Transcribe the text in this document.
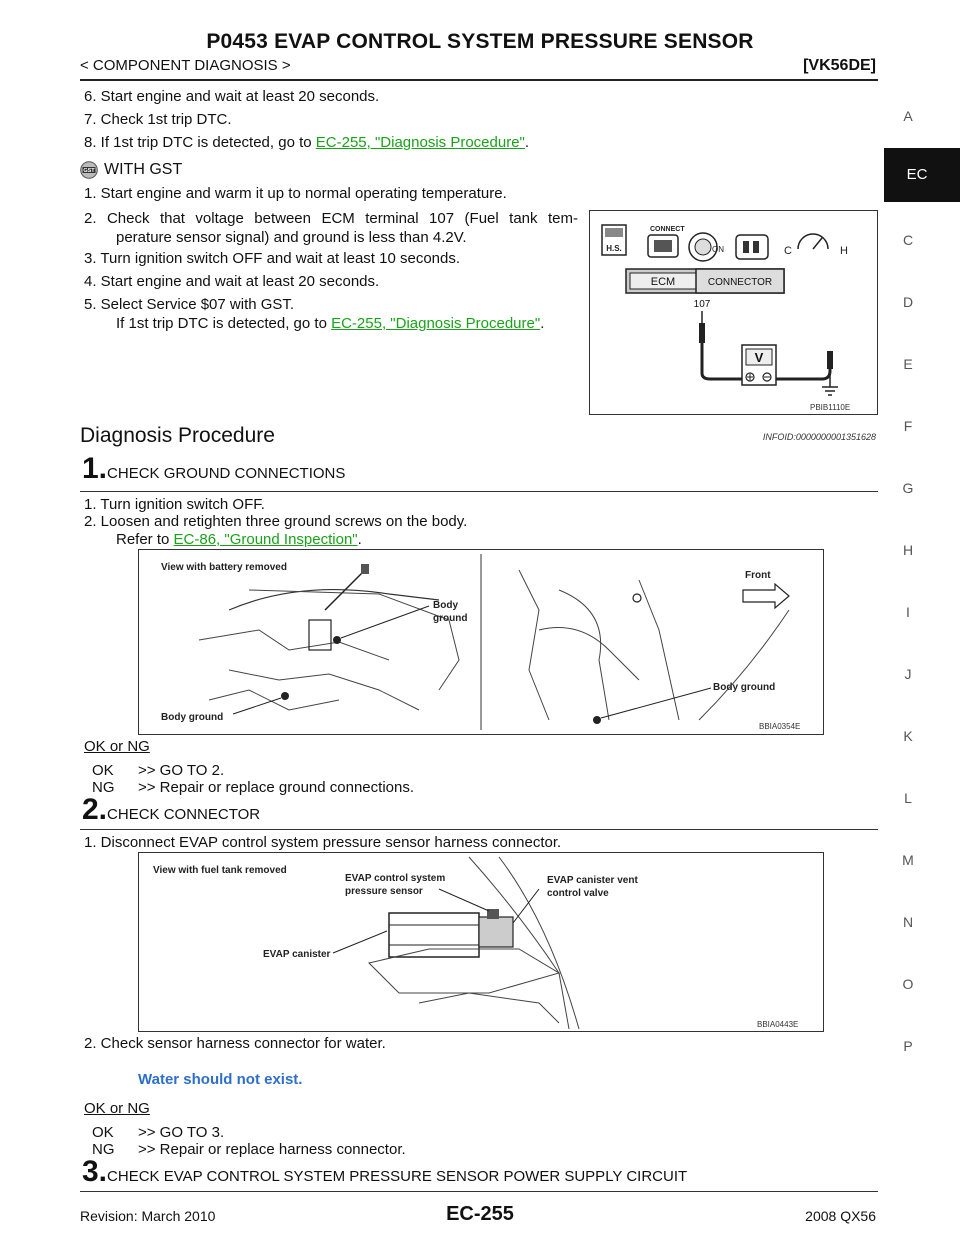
P0453 EVAP CONTROL SYSTEM PRESSURE SENSOR
< COMPONENT DIAGNOSIS >	[VK56DE]
A
EC
C
D
E
F
G
H
I
J
K
L
M
N
O
P
6. Start engine and wait at least 20 seconds.
7. Check 1st trip DTC.
8. If 1st trip DTC is detected, go to EC-255, "Diagnosis Procedure".
GST WITH GST
1. Start engine and warm it up to normal operating temperature.
2. Check that voltage between ECM terminal 107 (Fuel tank tem-
perature sensor signal) and ground is less than 4.2V.
3. Turn ignition switch OFF and wait at least 10 seconds.
4. Start engine and wait at least 20 seconds.
5. Select Service $07 with GST.
If 1st trip DTC is detected, go to EC-255, "Diagnosis Procedure".
H.S.
CONNECT
ON	C	H
ECM	CONNECTOR
107
V
PBIB1110E
Diagnosis Procedure	INFOID:0000000001351628
1.CHECK GROUND CONNECTIONS
1. Turn ignition switch OFF.
2. Loosen and retighten three ground screws on the body.
Refer to EC-86, "Ground Inspection".
View with battery removed
Body
ground
Body ground
Body ground
Front
BBIA0354E
OK or NG
OK >> GO TO 2.
NG >> Repair or replace ground connections.
2.CHECK CONNECTOR
1. Disconnect EVAP control system pressure sensor harness connector.
View with fuel tank removed
EVAP control system
pressure sensor
EVAP canister vent
control valve
EVAP canister
BBIA0443E
2. Check sensor harness connector for water.
Water should not exist.
OK or NG
OK >> GO TO 3.
NG >> Repair or replace harness connector.
3.CHECK EVAP CONTROL SYSTEM PRESSURE SENSOR POWER SUPPLY CIRCUIT
Revision: March 2010	EC-255	2008 QX56
